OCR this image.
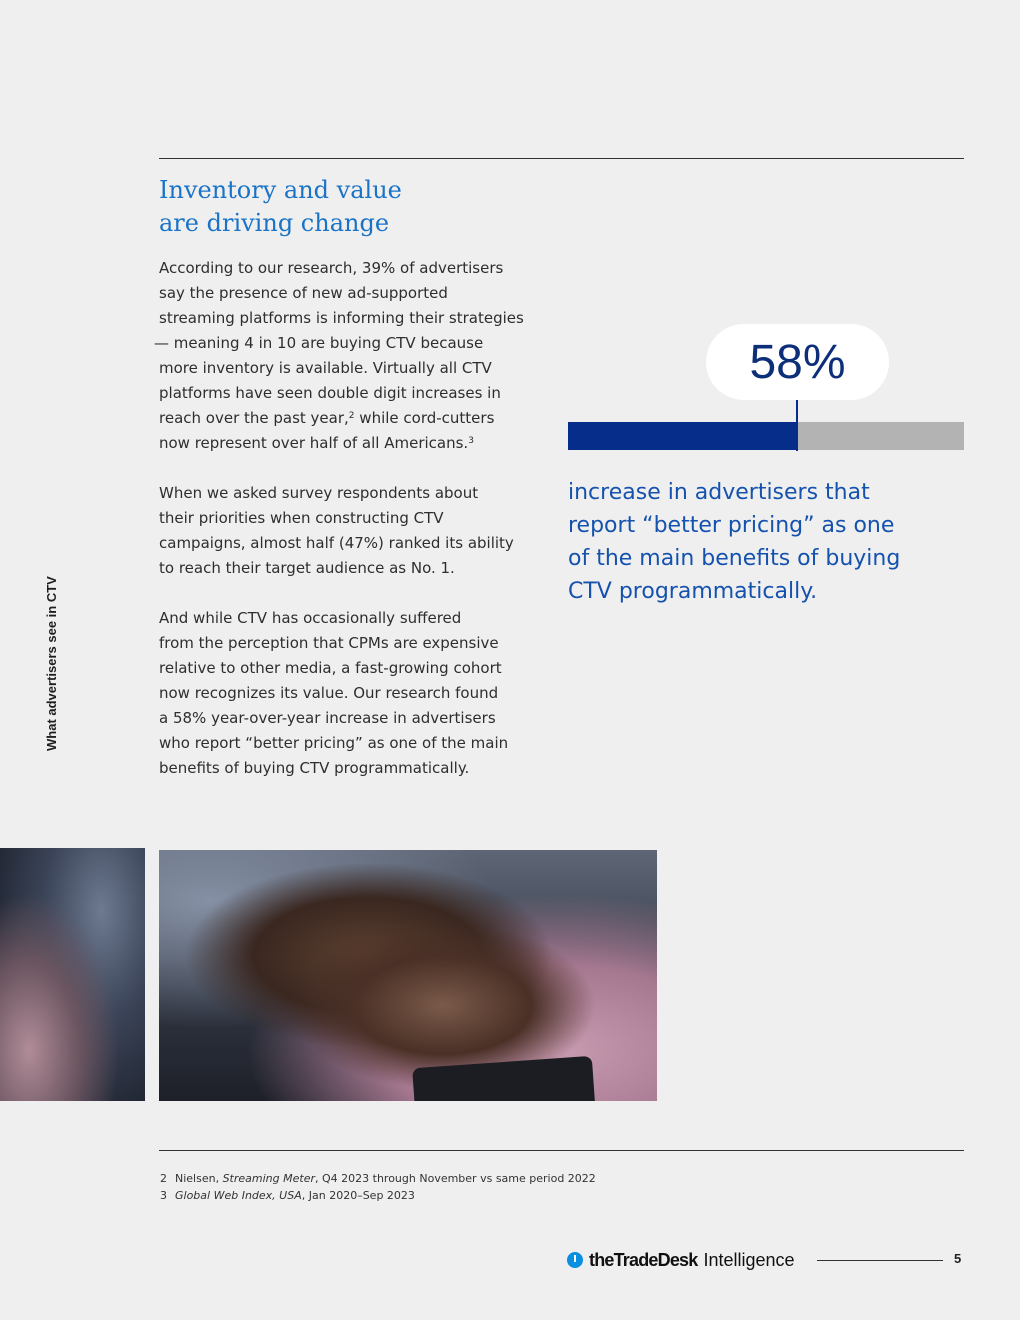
What advertisers see in CTV
Inventory and value
are driving change

According to our research, 39% of advertisers
say the presence of new ad-supported
streaming platforms is informing their strategies
— meaning 4 in 10 are buying CTV because
more inventory is available. Virtually all CTV
platforms have seen double digit increases in
reach over the past year,$^2$ while cord-cutters
now represent over half of all Americans.$^3$

When we asked survey respondents about
their priorities when constructing CTV
campaigns, almost half (47%) ranked its ability
to reach their target audience as No. 1.

And while CTV has occasionally suffered
from the perception that CPMs are expensive
relative to other media, a fast-growing cohort
now recognizes its value. Our research found
a 58% year-over-year increase in advertisers
who report “better pricing” as one of the main
benefits of buying CTV programmatically.

58%
increase in advertisers that
report “better pricing” as one
of the main benefits of buying
CTV programmatically.
2 Nielsen, Streaming Meter, Q4 2023 through November vs same period 2022
3 Global Web Index, USA, Jan 2020–Sep 2023
theTradeDesk Intelligence	5
